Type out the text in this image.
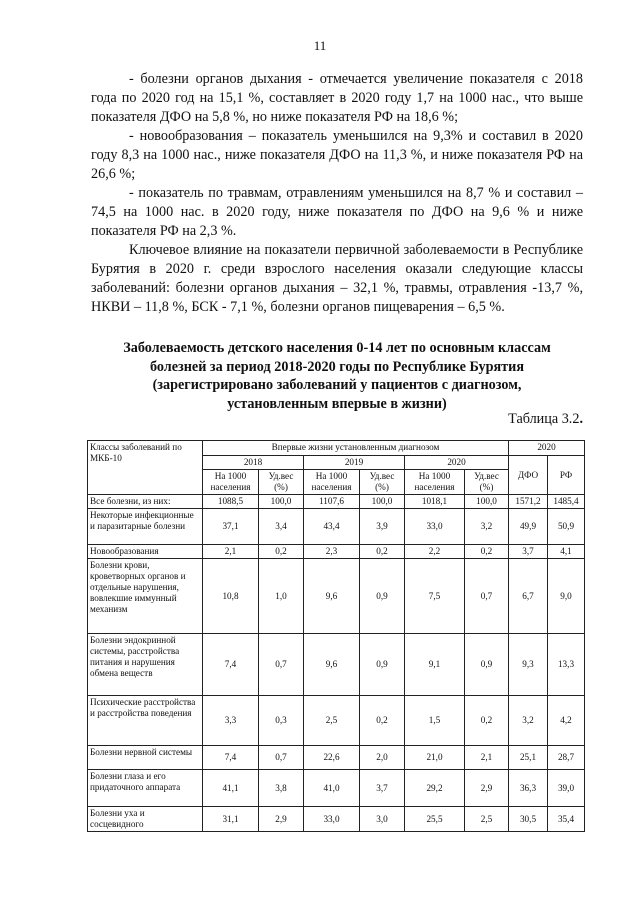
11

- болезни органов дыхания - отмечается увеличение показателя с 2018 года по 2020 год на 15,1 %, составляет в 2020 году 1,7 на 1000 нас., что выше показателя ДФО на 5,8 %, но ниже показателя РФ на 18,6 %;

- новообразования – показатель уменьшился на 9,3% и составил в 2020 году 8,3 на 1000 нас., ниже показателя ДФО на 11,3 %, и ниже показателя РФ на 26,6 %;

- показатель по травмам, отравлениям уменьшился на 8,7 % и составил – 74,5 на 1000 нас. в 2020 году, ниже показателя по ДФО на 9,6 % и ниже показателя РФ на 2,3 %.

Ключевое влияние на показатели первичной заболеваемости в Республике Бурятия в 2020 г. среди взрослого населения оказали следующие классы заболеваний: болезни органов дыхания – 32,1 %, травмы, отравления -13,7 %, НКВИ – 11,8 %, БСК - 7,1 %, болезни органов пищеварения – 6,5 %.

Заболеваемость детского населения 0-14 лет по основным классам
болезней за период 2018-2020 годы по Республике Бурятия
(зарегистрировано заболеваний у пациентов с диагнозом,
установленным впервые в жизни)
Таблица 3.2.
Классы заболеваний по МКБ-10	Впервые жизни установленным диагнозом						2020	
	2018		2019		2020		ДФО	РФ
	На 1000 населения	Уд.вес (%)	На 1000 населения	Уд.вес (%)	На 1000 населения	Уд.вес (%)		
Все болезни, из них:	1088,5	100,0	1107,6	100,0	1018,1	100,0	1571,2	1485,4
Некоторые инфекционные и паразитарные болезни	37,1	3,4	43,4	3,9	33,0	3,2	49,9	50,9
Новообразования	2,1	0,2	2,3	0,2	2,2	0,2	3,7	4,1
Болезни крови, кроветворных органов и отдельные нарушения, вовлекшие иммунный механизм	10,8	1,0	9,6	0,9	7,5	0,7	6,7	9,0
Болезни эндокринной системы, расстройства питания и нарушения обмена веществ	7,4	0,7	9,6	0,9	9,1	0,9	9,3	13,3
Психические расстройства и расстройства поведения	3,3	0,3	2,5	0,2	1,5	0,2	3,2	4,2
Болезни нервной системы	7,4	0,7	22,6	2,0	21,0	2,1	25,1	28,7
Болезни глаза и его придаточного аппарата	41,1	3,8	41,0	3,7	29,2	2,9	36,3	39,0
Болезни уха и сосцевидного	31,1	2,9	33,0	3,0	25,5	2,5	30,5	35,4
